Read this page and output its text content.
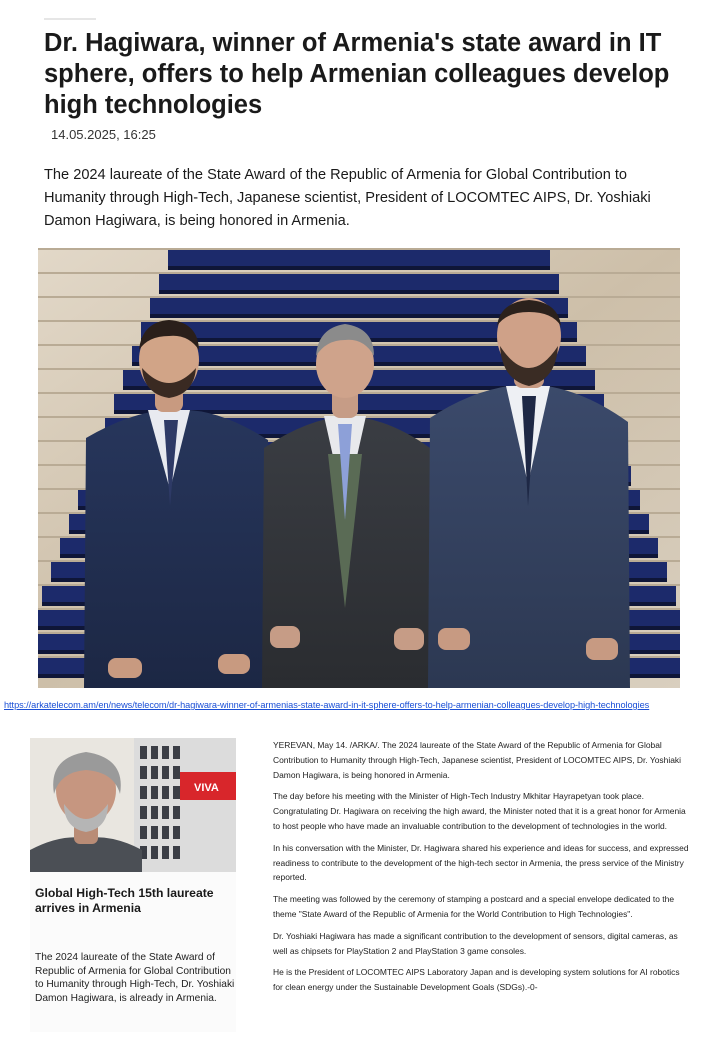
Dr. Hagiwara, winner of Armenia's state award in IT sphere, offers to help Armenian colleagues develop high technologies
14.05.2025, 16:25

The 2024 laureate of the State Award of the Republic of Armenia for Global Contribution to Humanity through High-Tech, Japanese scientist, President of LOCOMTEC AIPS, Dr. Yoshiaki Damon Hagiwara, is being honored in Armenia.

https://arkatelecom.am/en/news/telecom/dr-hagiwara-winner-of-armenias-state-award-in-it-sphere-offers-to-help-armenian-colleagues-develop-high-technologies
VIVA
Global High-Tech 15th laureate arrives in Armenia
The 2024 laureate of the State Award of Republic of Armenia for Global Contribution to Humanity through High-Tech, Dr. Yoshiaki Damon Hagiwara, is already in Armenia.

YEREVAN, May 14. /ARKA/. The 2024 laureate of the State Award of the Republic of Armenia for Global Contribution to Humanity through High-Tech, Japanese scientist, President of LOCOMTEC AIPS, Dr. Yoshiaki Damon Hagiwara, is being honored in Armenia.

The day before his meeting with the Minister of High-Tech Industry Mkhitar Hayrapetyan took place. Congratulating Dr. Hagiwara on receiving the high award, the Minister noted that it is a great honor for Armenia to host people who have made an invaluable contribution to the development of technologies in the world.

In his conversation with the Minister, Dr. Hagiwara shared his experience and ideas for success, and expressed readiness to contribute to the development of the high-tech sector in Armenia, the press service of the Ministry reported.

The meeting was followed by the ceremony of stamping a postcard and a special envelope dedicated to the theme "State Award of the Republic of Armenia for the World Contribution to High Technologies".

Dr. Yoshiaki Hagiwara has made a significant contribution to the development of sensors, digital cameras, as well as chipsets for PlayStation 2 and PlayStation 3 game consoles.

He is the President of LOCOMTEC AIPS Laboratory Japan and is developing system solutions for AI robotics for clean energy under the Sustainable Development Goals (SDGs).-0-
